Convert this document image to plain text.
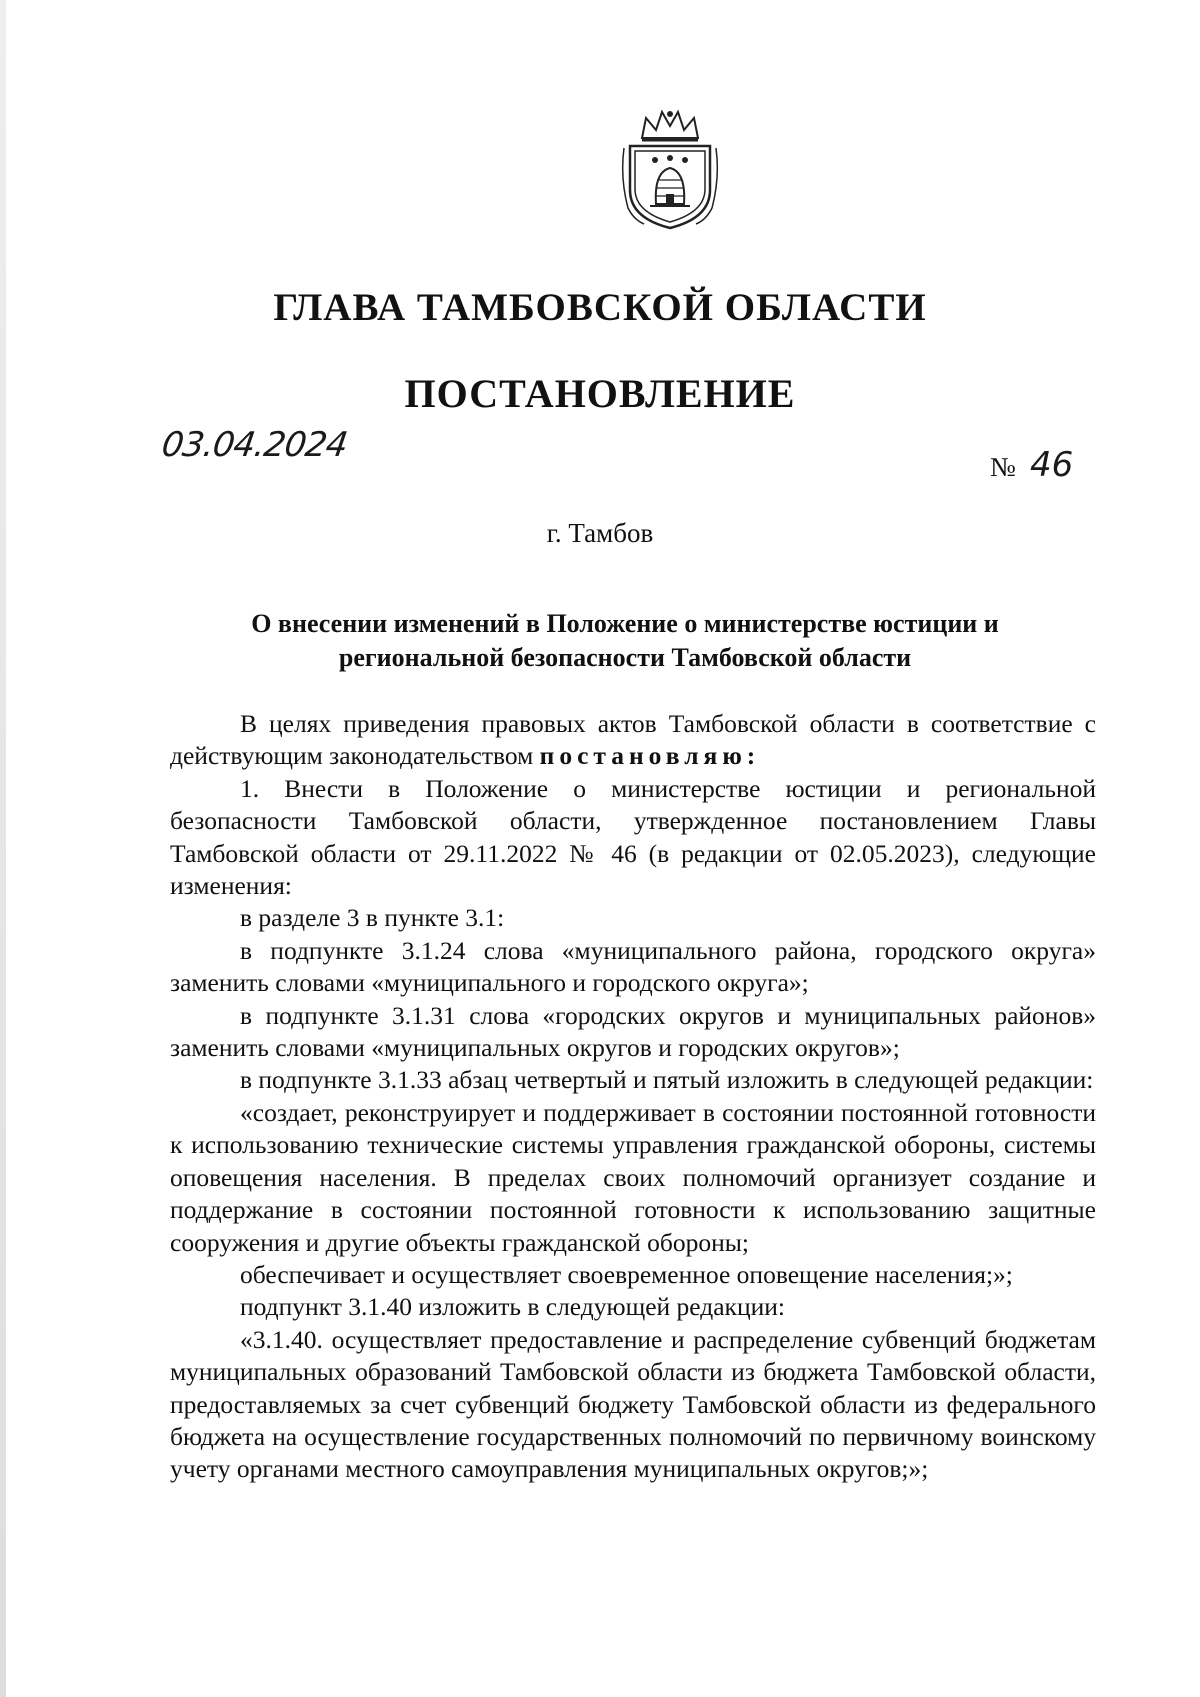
ГЛАВА ТАМБОВСКОЙ ОБЛАСТИ
ПОСТАНОВЛЕНИЕ
03.04.2024
№ 46

г. Тамбов

О внесении изменений в Положение о министерстве юстиции и
региональной безопасности Тамбовской области

В целях приведения правовых актов Тамбовской области в соответствие с действующим законодательством постановляю:

1. Внести в Положение о министерстве юстиции и региональной безопасности Тамбовской области, утвержденное постановлением Главы Тамбовской области от 29.11.2022 № 46 (в редакции от 02.05.2023), следующие изменения:

в разделе 3 в пункте 3.1:

в подпункте 3.1.24 слова «муниципального района, городского округа» заменить словами «муниципального и городского округа»;

в подпункте 3.1.31 слова «городских округов и муниципальных районов» заменить словами «муниципальных округов и городских округов»;

в подпункте 3.1.33 абзац четвертый и пятый изложить в следующей редакции:

«создает, реконструирует и поддерживает в состоянии постоянной готовности к использованию технические системы управления гражданской обороны, системы оповещения населения. В пределах своих полномочий организует создание и поддержание в состоянии постоянной готовности к использованию защитные сооружения и другие объекты гражданской обороны;

обеспечивает и осуществляет своевременное оповещение населения;»;

подпункт 3.1.40 изложить в следующей редакции:

«3.1.40. осуществляет предоставление и распределение субвенций бюджетам муниципальных образований Тамбовской области из бюджета Тамбовской области, предоставляемых за счет субвенций бюджету Тамбовской области из федерального бюджета на осуществление государственных полномочий по первичному воинскому учету органами местного самоуправления муниципальных округов;»;
